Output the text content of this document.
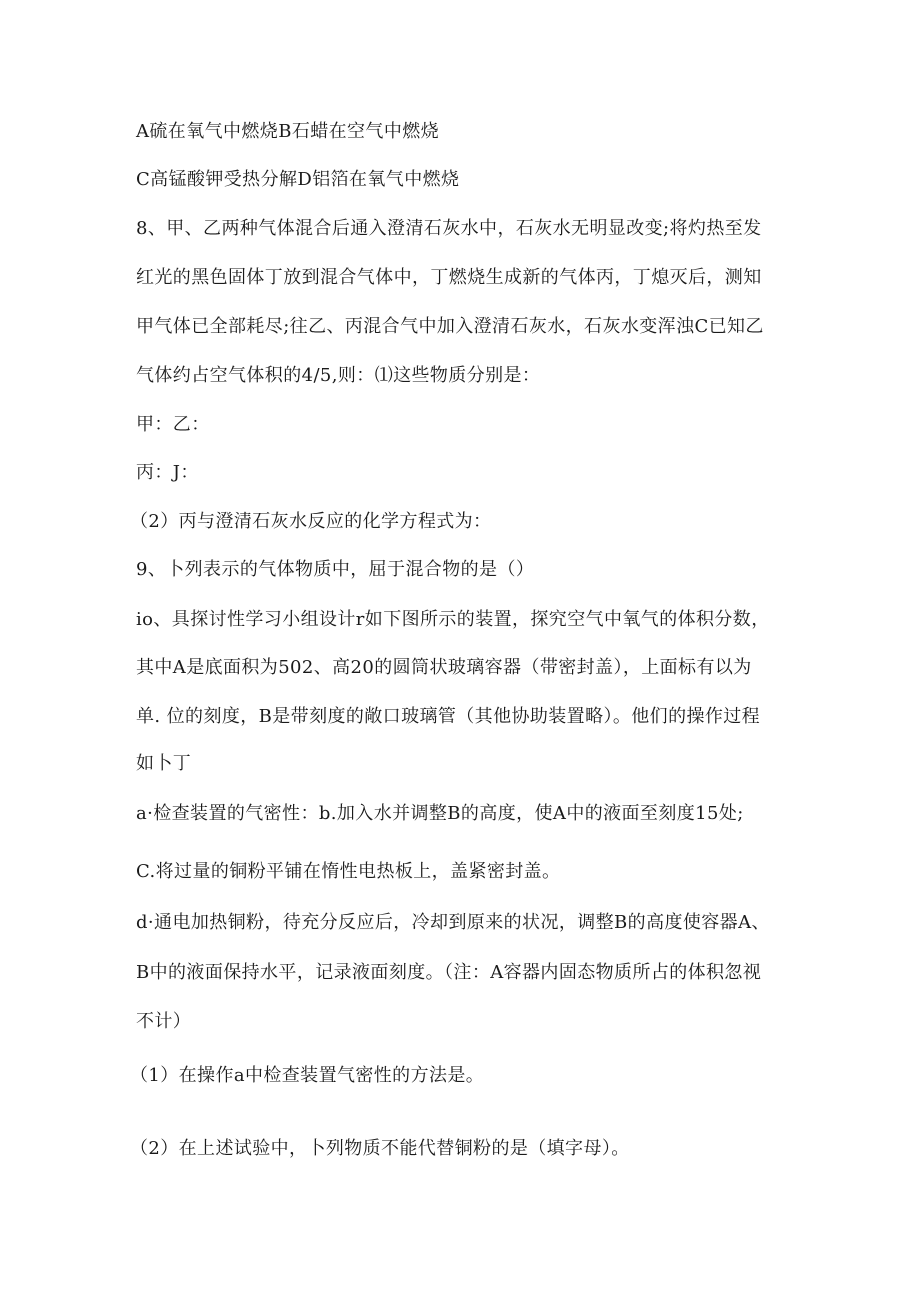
A硫在氧气中燃烧B石蜡在空气中燃烧

C高锰酸钾受热分解D铝箔在氧气中燃烧

8、甲、乙两种气体混合后通入澄清石灰水中，石灰水无明显改变;将灼热至发

红光的黑色固体丁放到混合气体中，丁燃烧生成新的气体丙，丁熄灭后，测知

甲气体已全部耗尽;往乙、丙混合气中加入澄清石灰水，石灰水变浑浊C已知乙

气体约占空气体积的4/5,则：⑴这些物质分别是：

甲：乙：

丙：J：

（2）丙与澄清石灰水反应的化学方程式为：

9、卜列表示的气体物质中，屈于混合物的是（）

io、具探讨性学习小组设计r如下图所示的装置，探究空气中氧气的体积分数，

其中A是底面积为502、高20的圆筒状玻璃容器（带密封盖），上面标有以为

单. 位的刻度，B是带刻度的敞口玻璃管（其他协助装置略）。他们的操作过程

如卜丁

a·检查装置的气密性：b.加入水并调整B的高度，使A中的液面至刻度15处;

C.将过量的铜粉平铺在惰性电热板上，盖紧密封盖。

d·通电加热铜粉，待充分反应后，冷却到原来的状况，调整B的高度使容器A、

B中的液面保持水平，记录液面刻度。（注：A容器内固态物质所占的体积忽视

不计）

（1）在操作a中检查装置气密性的方法是。

（2）在上述试验中，卜列物质不能代替铜粉的是（填字母）。
